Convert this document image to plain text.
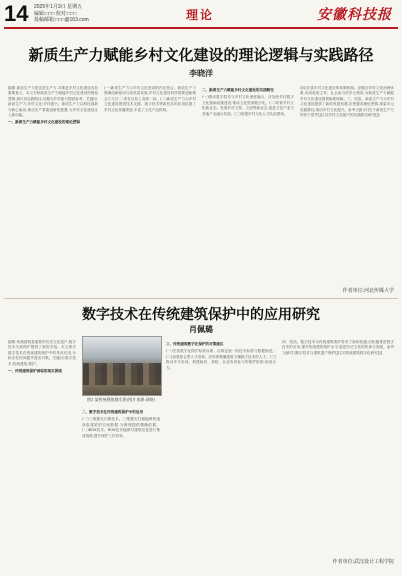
14 2025年1月3日 星期五
编辑:□□□ 校对:□□□
投稿邮箱:□□□@163.com	理论	安徽科技报
新质生产力赋能乡村文化建设的理论逻辑与实践路径
李晓洋
摘要:新质生产力是先进生产力,对推进乡村文化建设具有重要意义。本文分析新质生产力赋能乡村文化建设的理论逻辑,探讨其实践路径,以期为乡村振兴提供参考。关键词:新质生产力;乡村文化;乡村振兴。新质生产力以科技创新为核心驱动,推动生产要素创新性配置,为乡村文化建设注入新动能。
一、新质生产力赋能乡村文化建设的理论逻辑
(一)新质生产力与乡村文化建设的内在契合。新质生产力强调创新驱动与高质量发展,乡村文化建设同样需要创新理念与方法,二者在目标上高度一致。(二)新质生产力为乡村文化建设提供技术支撑。数字技术等新技术的应用拓展了乡村文化传播渠道,丰富了文化产品供给。
二、新质生产力赋能乡村文化建设的实践路径
(一)推动数字技术与乡村文化深度融合。应加快乡村数字文化基础设施建设,推动文化资源数字化。(二)培育乡村文化新业态。发展乡村文旅、文创等新业态,促进文化产业与其他产业融合发展。(三)加强乡村文化人才队伍建设。
(四)完善乡村文化建设的体制机制。应健全乡村文化治理体系,形成政府主导、社会参与的多元格局,为新质生产力赋能乡村文化建设提供制度保障。三、结语。新质生产力为乡村文化建设提供了新的发展机遇,应把握其理论逻辑,探索多元实践路径,推动乡村文化振兴。参考文献:[1]关于新质生产力的若干思考[J].[2]乡村文化振兴的实践路径研究[J].
作者单位:河北传媒大学
数字技术在传统建筑保护中的应用研究
肖佩璐
摘要:传统建筑是重要的历史文化遗产,数字技术为其保护提供了新的手段。本文探讨数字技术在传统建筑保护中的具体应用,分析存在的问题并提出对策。关键词:数字技术;传统建筑;保护。
一、传统建筑保护面临的现实困境
图1 某传统建筑群实景(图片来源:网络)
二、数字技术在传统建筑保护中的应用
(一)三维激光扫描技术。三维激光扫描能够快速获取建筑的空间数据,为修缮提供精确依据。(二)BIM技术。BIM技术能够对建筑信息进行集成管理,提升保护工作效率。
三、传统建筑数字化保护的对策建议
(一)完善数字化保护标准体系。应制定统一的技术标准与数据规范。(二)加强复合型人才培养。应培养既懂建筑又懂数字技术的人才。(三)推动多方协同。构建政府、高校、企业协同参与的保护机制,形成合力。
四、结语。数字技术为传统建筑保护带来了新的机遇,应积极推进数字技术的应用,提升传统建筑保护水平,促进历史文化的传承与发展。参考文献:[1]数字技术与建筑遗产保护[J].[2]传统建筑数字化研究[J].
作者单位:武汉设计工程学院
